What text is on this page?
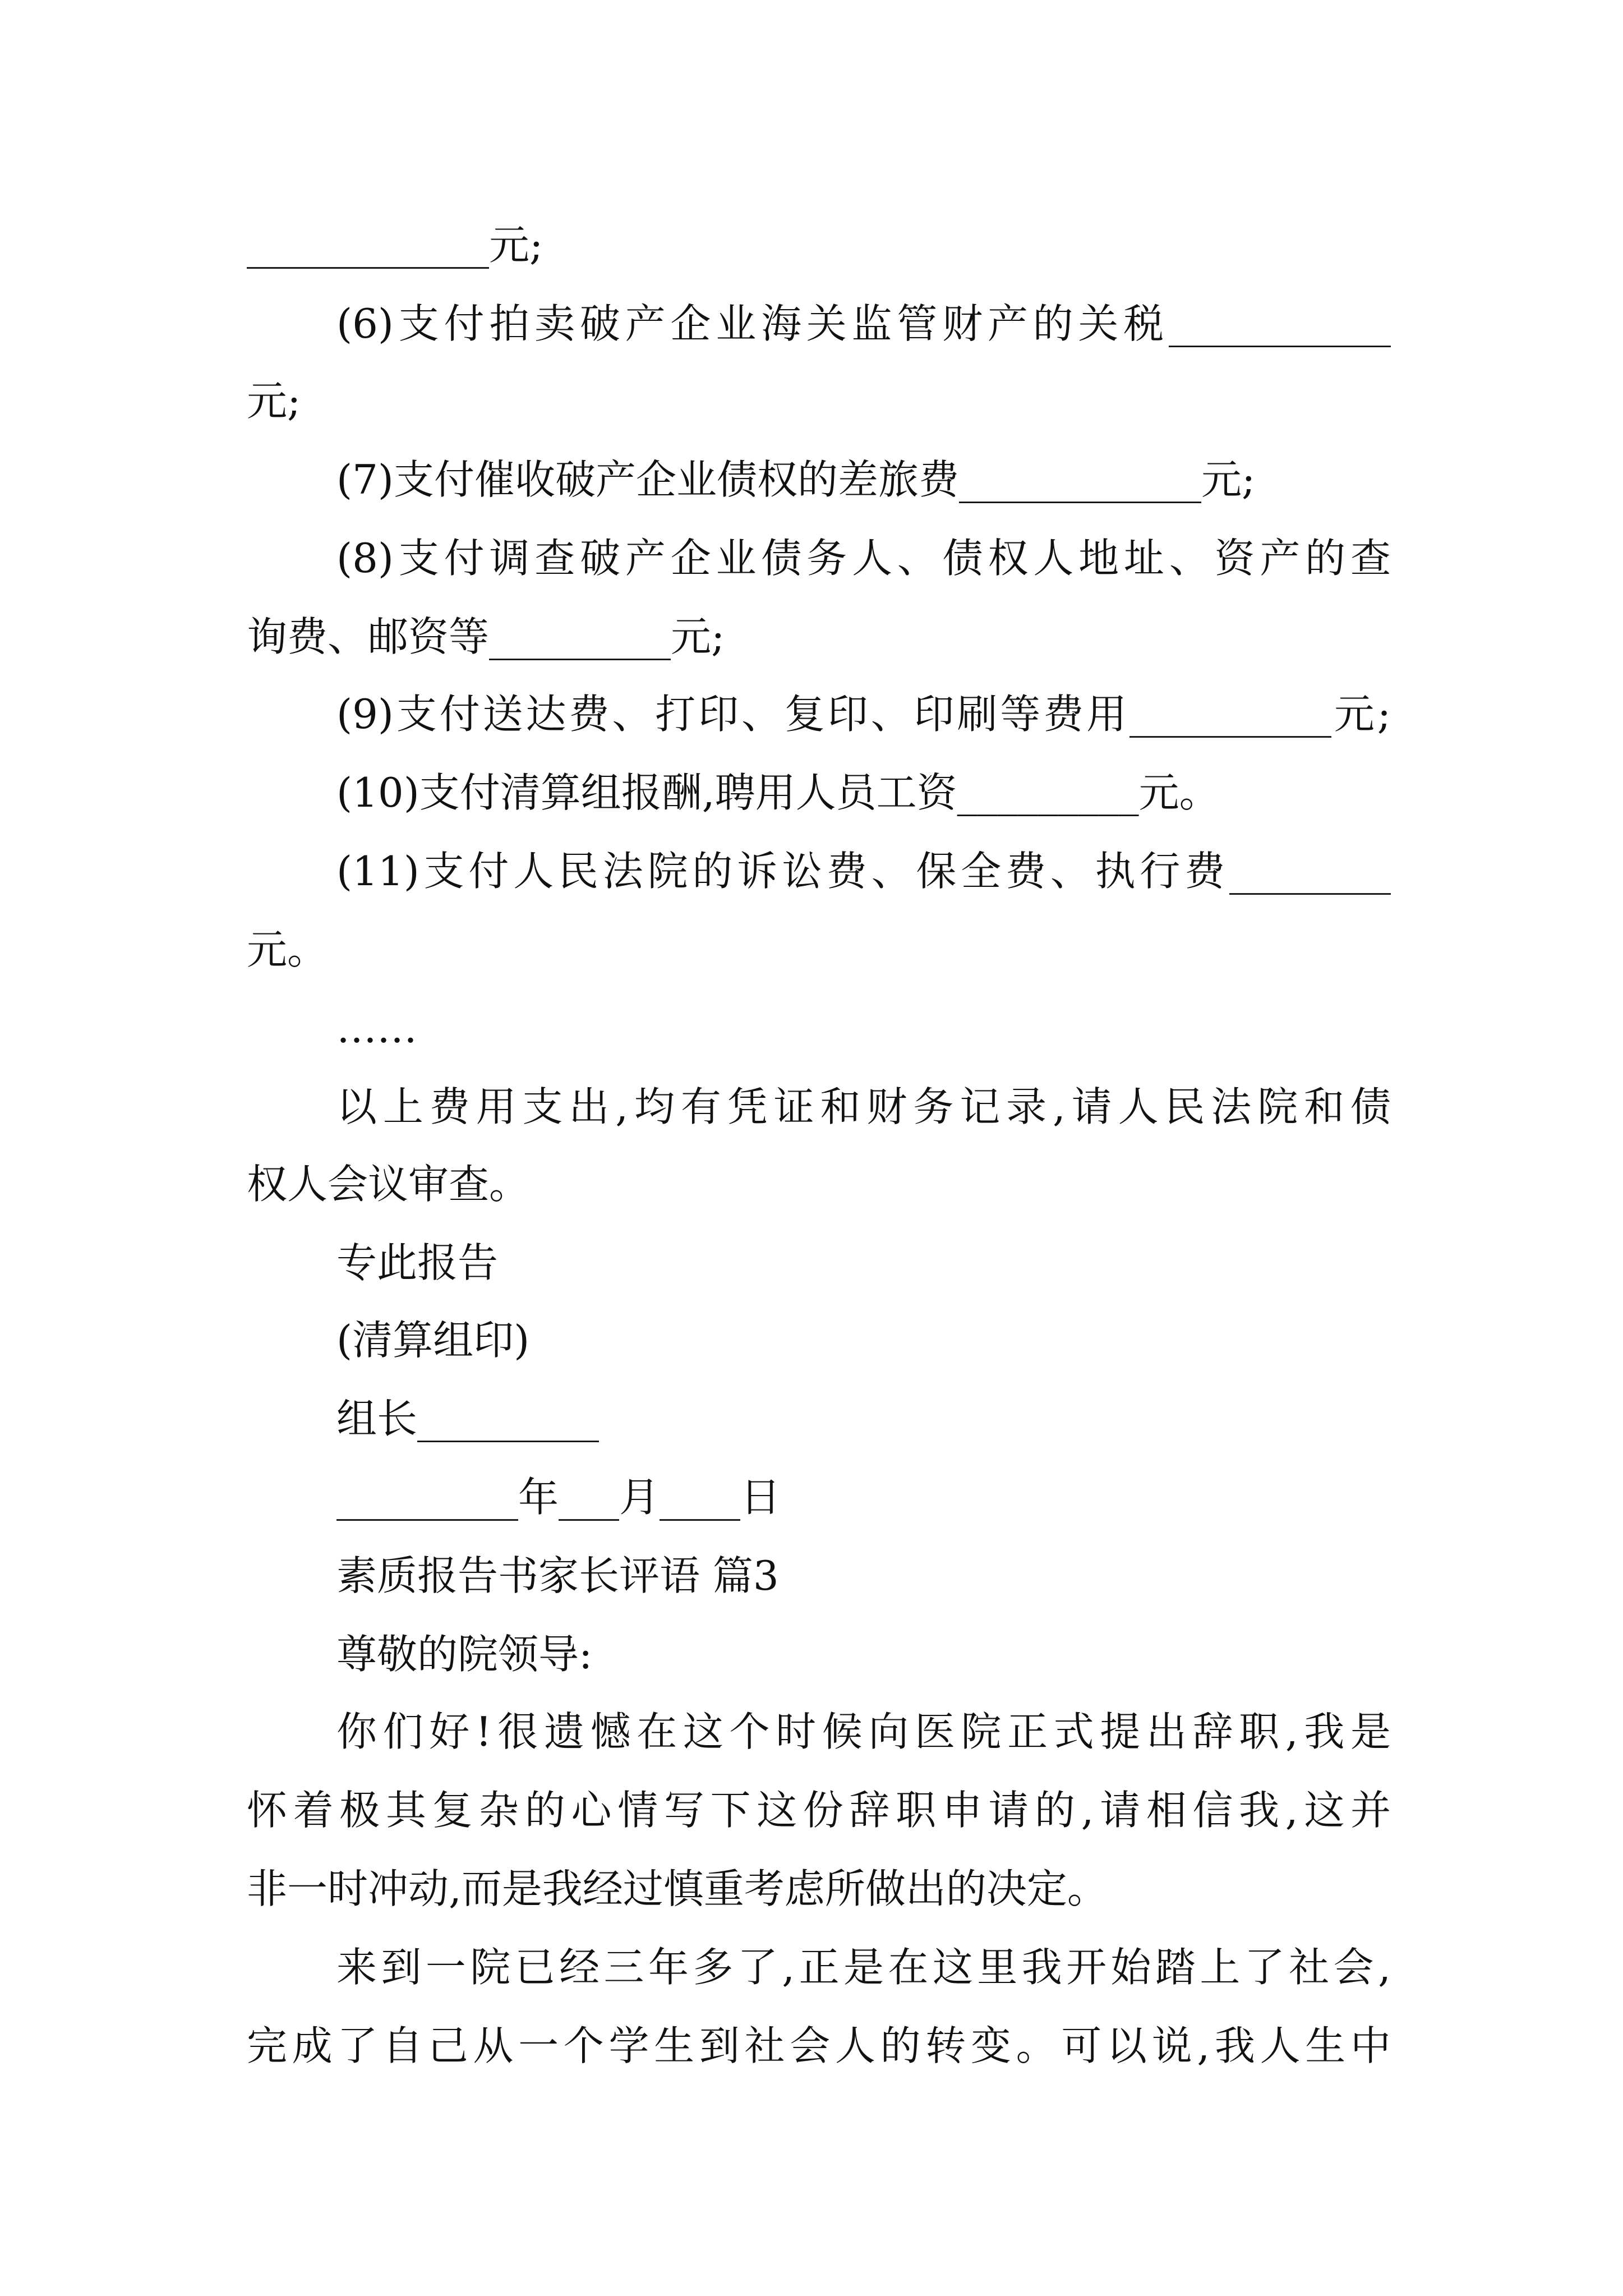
____________元;
(6)支付拍卖破产企业海关监管财产的关税___________
元;
(7)支付催收破产企业债权的差旅费____________元;
(8)支付调查破产企业债务人、债权人地址、资产的查
询费、邮资等_________元;
(9)支付送达费、打印、复印、印刷等费用__________元;
(10)支付清算组报酬,聘用人员工资_________元。
(11)支付人民法院的诉讼费、保全费、执行费________
元。
……
以上费用支出,均有凭证和财务记录,请人民法院和债
权人会议审查。
专此报告
(清算组印)
组长_________
_________年___月____日
素质报告书家长评语 篇3
尊敬的院领导:
你们好!很遗憾在这个时候向医院正式提出辞职,我是
怀着极其复杂的心情写下这份辞职申请的,请相信我,这并
非一时冲动,而是我经过慎重考虑所做出的决定。
来到一院已经三年多了,正是在这里我开始踏上了社会,
完成了自己从一个学生到社会人的转变。可以说,我人生中
